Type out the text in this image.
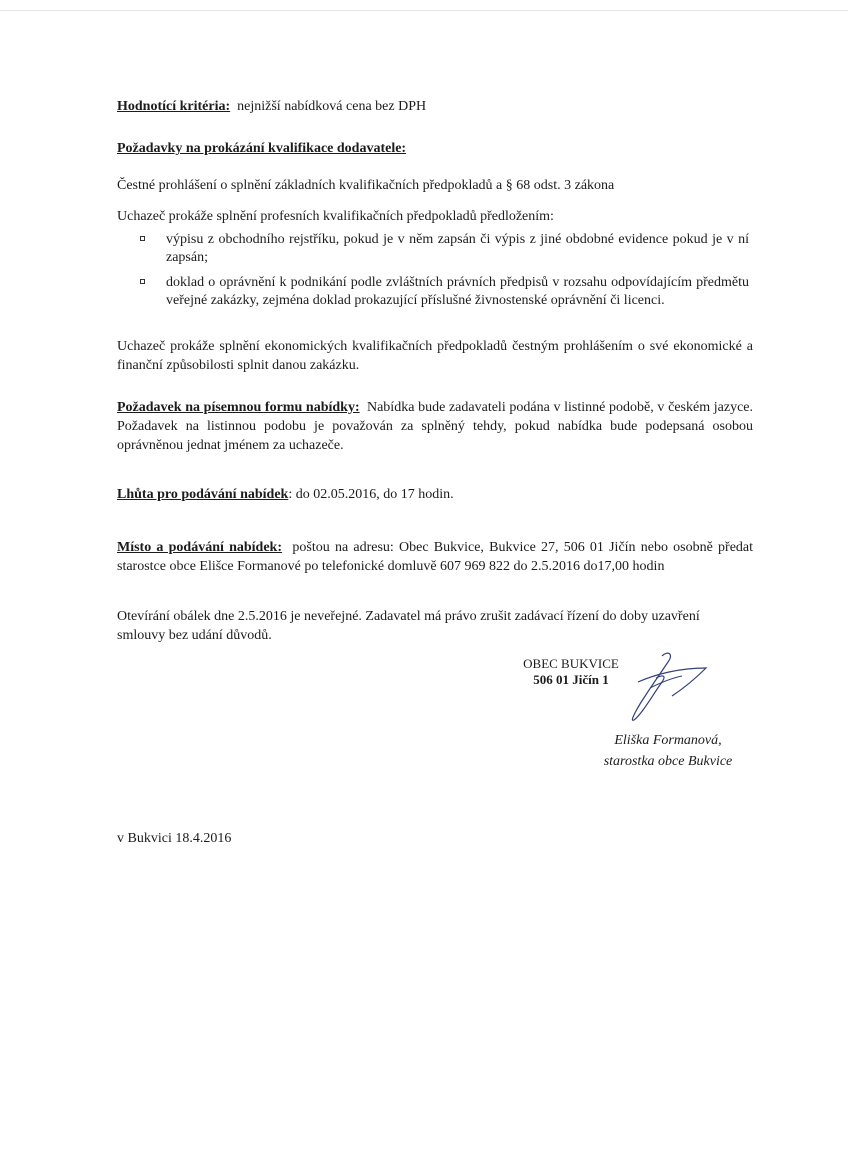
Hodnotící kritéria: nejnižší nabídková cena bez DPH
Požadavky na prokázání kvalifikace dodavatele:

Čestné prohlášení o splnění základních kvalifikačních předpokladů a § 68 odst. 3 zákona

Uchazeč prokáže splnění profesních kvalifikačních předpokladů předložením:

výpisu z obchodního rejstříku, pokud je v něm zapsán či výpis z jiné obdobné evidence pokud je v ní zapsán;
doklad o oprávnění k podnikání podle zvláštních právních předpisů v rozsahu odpovídajícím předmětu veřejné zakázky, zejména doklad prokazující příslušné živnostenské oprávnění či licenci.

Uchazeč prokáže splnění ekonomických kvalifikačních předpokladů čestným prohlášením o své ekonomické a finanční způsobilosti splnit danou zakázku.

Požadavek na písemnou formu nabídky: Nabídka bude zadavateli podána v listinné podobě, v českém jazyce. Požadavek na listinnou podobu je považován za splněný tehdy, pokud nabídka bude podepsaná osobou oprávněnou jednat jménem za uchazeče.
Lhůta pro podávání nabídek: do 02.05.2016, do 17 hodin.
Místo a podávání nabídek: poštou na adresu: Obec Bukvice, Bukvice 27, 506 01 Jičín nebo osobně předat starostce obce Elišce Formanové po telefonické domluvě 607 969 822 do 2.5.2016 do17,00 hodin

Otevírání obálek dne 2.5.2016 je neveřejné. Zadavatel má právo zrušit zadávací řízení do doby uzavření smlouvy bez udání důvodů.

OBEC BUKVICE
506 01 Jičín 1
Eliška Formanová,
starostka obce Bukvice
v Bukvici 18.4.2016
